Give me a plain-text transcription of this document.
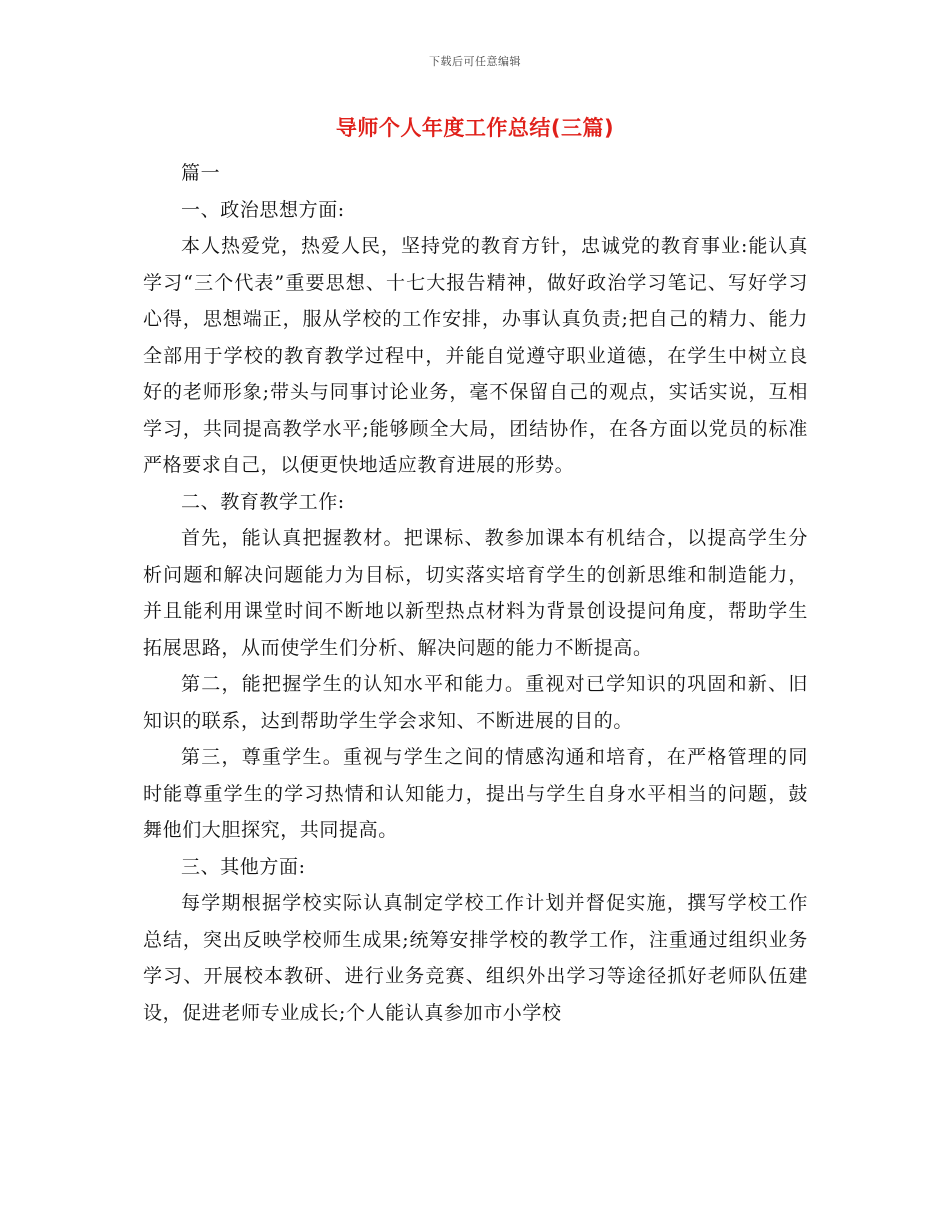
下载后可任意编辑
导师个人年度工作总结(三篇)

篇一

一、政治思想方面:

本人热爱党，热爱人民，坚持党的教育方针，忠诚党的教育事业:能认真学习“三个代表”重要思想、十七大报告精神，做好政治学习笔记、写好学习心得，思想端正，服从学校的工作安排，办事认真负责;把自己的精力、能力全部用于学校的教育教学过程中，并能自觉遵守职业道德，在学生中树立良好的老师形象;带头与同事讨论业务，毫不保留自己的观点，实话实说，互相学习，共同提高教学水平;能够顾全大局，团结协作，在各方面以党员的标准严格要求自己，以便更快地适应教育进展的形势。

二、教育教学工作:

首先，能认真把握教材。把课标、教参加课本有机结合，以提高学生分析问题和解决问题能力为目标，切实落实培育学生的创新思维和制造能力，并且能利用课堂时间不断地以新型热点材料为背景创设提问角度，帮助学生拓展思路，从而使学生们分析、解决问题的能力不断提高。

第二，能把握学生的认知水平和能力。重视对已学知识的巩固和新、旧知识的联系，达到帮助学生学会求知、不断进展的目的。

第三，尊重学生。重视与学生之间的情感沟通和培育，在严格管理的同时能尊重学生的学习热情和认知能力，提出与学生自身水平相当的问题，鼓舞他们大胆探究，共同提高。

三、其他方面:

每学期根据学校实际认真制定学校工作计划并督促实施，撰写学校工作总结，突出反映学校师生成果;统筹安排学校的教学工作，注重通过组织业务学习、开展校本教研、进行业务竞赛、组织外出学习等途径抓好老师队伍建设，促进老师专业成长;个人能认真参加市小学校
